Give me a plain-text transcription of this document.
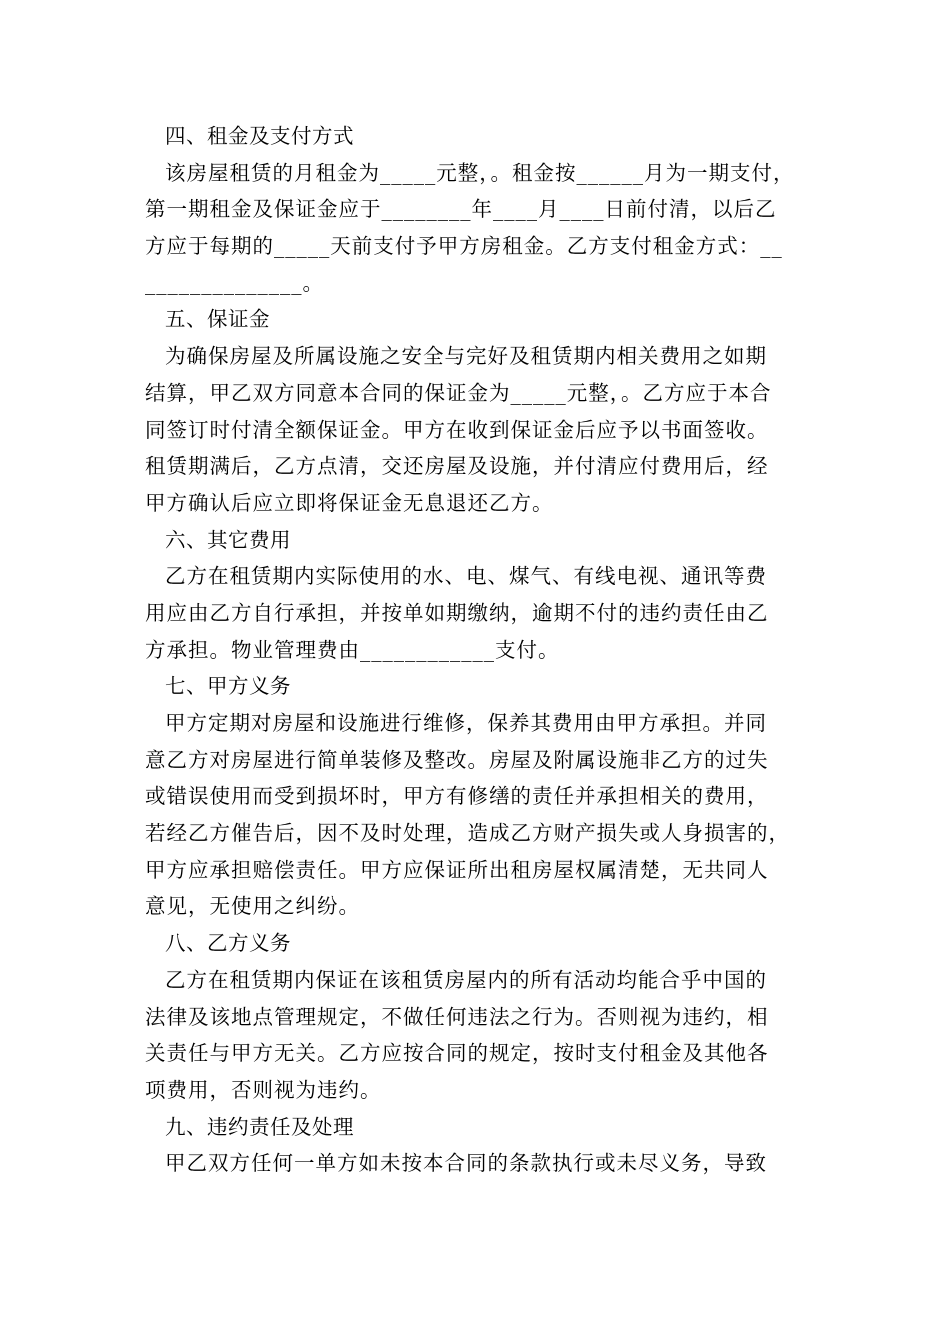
四、租金及支付方式
该房屋租赁的月租金为_____元整，。租金按______月为一期支付，
第一期租金及保证金应于________年____月____日前付清，以后乙
方应于每期的_____天前支付予甲方房租金。乙方支付租金方式：__
______________。
五、保证金
为确保房屋及所属设施之安全与完好及租赁期内相关费用之如期
结算，甲乙双方同意本合同的保证金为_____元整，。乙方应于本合
同签订时付清全额保证金。甲方在收到保证金后应予以书面签收。
租赁期满后，乙方点清，交还房屋及设施，并付清应付费用后，经
甲方确认后应立即将保证金无息退还乙方。
六、其它费用
乙方在租赁期内实际使用的水、电、煤气、有线电视、通讯等费
用应由乙方自行承担，并按单如期缴纳，逾期不付的违约责任由乙
方承担。物业管理费由____________支付。
七、甲方义务
甲方定期对房屋和设施进行维修，保养其费用由甲方承担。并同
意乙方对房屋进行简单装修及整改。房屋及附属设施非乙方的过失
或错误使用而受到损坏时，甲方有修缮的责任并承担相关的费用，
若经乙方催告后，因不及时处理，造成乙方财产损失或人身损害的，
甲方应承担赔偿责任。甲方应保证所出租房屋权属清楚，无共同人
意见，无使用之纠纷。
八、乙方义务
乙方在租赁期内保证在该租赁房屋内的所有活动均能合乎中国的
法律及该地点管理规定，不做任何违法之行为。否则视为违约，相
关责任与甲方无关。乙方应按合同的规定，按时支付租金及其他各
项费用，否则视为违约。
九、违约责任及处理
甲乙双方任何一单方如未按本合同的条款执行或未尽义务，导致
